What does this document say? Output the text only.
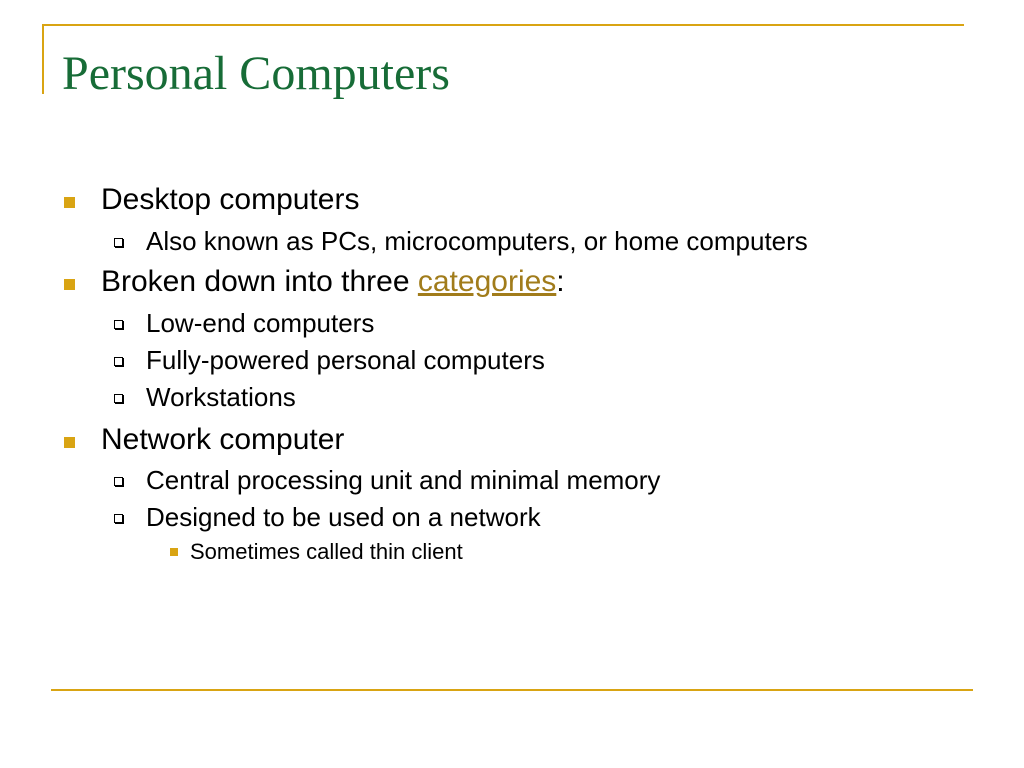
Personal Computers
Desktop computers
Also known as PCs, microcomputers, or home computers
Broken down into three categories:
Low-end computers
Fully-powered personal computers
Workstations
Network computer
Central processing unit and minimal memory
Designed to be used on a network
Sometimes called thin client
